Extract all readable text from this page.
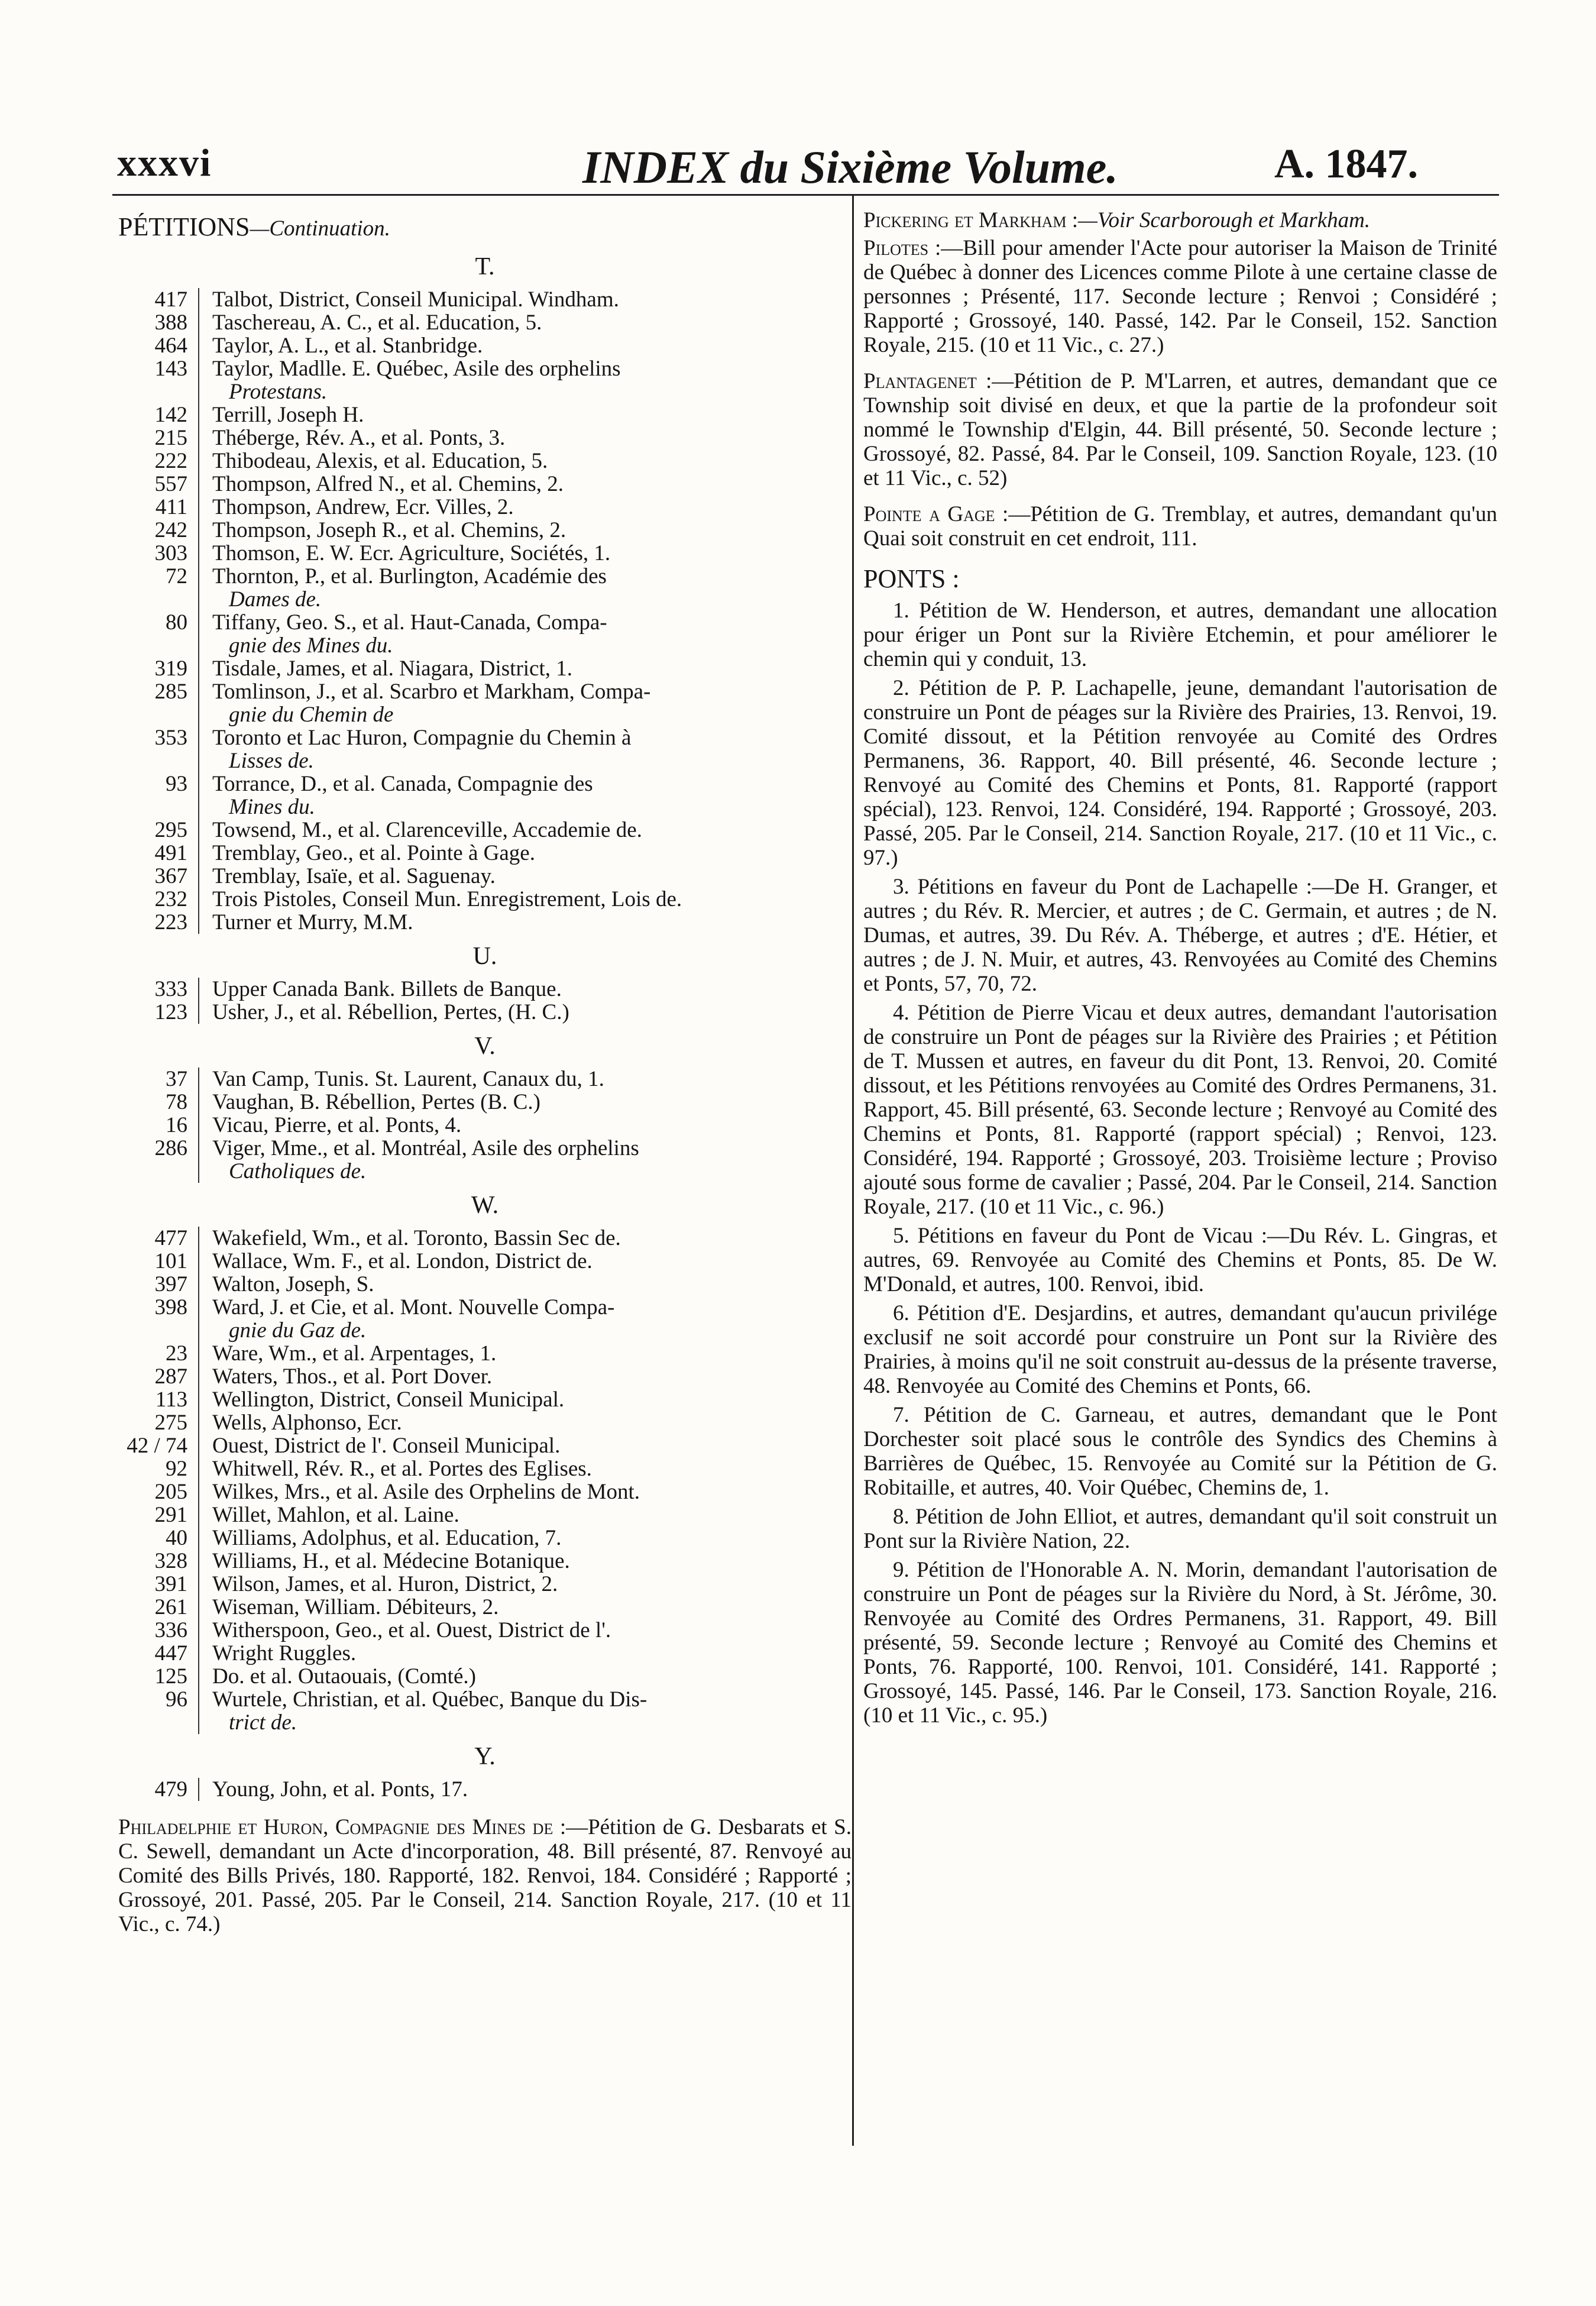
xxxvi	INDEX du Sixième Volume.	A. 1847.
PÉTITIONS—Continuation.
T.
417	Talbot, District, Conseil Municipal. Windham.
388	Taschereau, A. C., et al. Education, 5.
464	Taylor, A. L., et al. Stanbridge.
143	Taylor, Madlle. E. Québec, Asile des orphelins
Protestans.
142	Terrill, Joseph H.
215	Théberge, Rév. A., et al. Ponts, 3.
222	Thibodeau, Alexis, et al. Education, 5.
557	Thompson, Alfred N., et al. Chemins, 2.
411	Thompson, Andrew, Ecr. Villes, 2.
242	Thompson, Joseph R., et al. Chemins, 2.
303	Thomson, E. W. Ecr. Agriculture, Sociétés, 1.
72	Thornton, P., et al. Burlington, Académie des
Dames de.
80	Tiffany, Geo. S., et al. Haut-Canada, Compa-
gnie des Mines du.
319	Tisdale, James, et al. Niagara, District, 1.
285	Tomlinson, J., et al. Scarbro et Markham, Compa-
gnie du Chemin de
353	Toronto et Lac Huron, Compagnie du Chemin à
Lisses de.
93	Torrance, D., et al. Canada, Compagnie des
Mines du.
295	Towsend, M., et al. Clarenceville, Accademie de.
491	Tremblay, Geo., et al. Pointe à Gage.
367	Tremblay, Isaïe, et al. Saguenay.
232	Trois Pistoles, Conseil Mun. Enregistrement, Lois de.
223	Turner et Murry, M.M.
U.
333	Upper Canada Bank. Billets de Banque.
123	Usher, J., et al. Rébellion, Pertes, (H. C.)
V.
37	Van Camp, Tunis. St. Laurent, Canaux du, 1.
78	Vaughan, B. Rébellion, Pertes (B. C.)
16	Vicau, Pierre, et al. Ponts, 4.
286	Viger, Mme., et al. Montréal, Asile des orphelins
Catholiques de.
W.
477	Wakefield, Wm., et al. Toronto, Bassin Sec de.
101	Wallace, Wm. F., et al. London, District de.
397	Walton, Joseph, S.
398	Ward, J. et Cie, et al. Mont. Nouvelle Compa-
gnie du Gaz de.
23	Ware, Wm., et al. Arpentages, 1.
287	Waters, Thos., et al. Port Dover.
113	Wellington, District, Conseil Municipal.
275	Wells, Alphonso, Ecr.
42 / 74	Ouest, District de l'. Conseil Municipal.
92	Whitwell, Rév. R., et al. Portes des Eglises.
205	Wilkes, Mrs., et al. Asile des Orphelins de Mont.
291	Willet, Mahlon, et al. Laine.
40	Williams, Adolphus, et al. Education, 7.
328	Williams, H., et al. Médecine Botanique.
391	Wilson, James, et al. Huron, District, 2.
261	Wiseman, William. Débiteurs, 2.
336	Witherspoon, Geo., et al. Ouest, District de l'.
447	Wright Ruggles.
125	Do. et al. Outaouais, (Comté.)
96	Wurtele, Christian, et al. Québec, Banque du Dis-
trict de.
Y.
479	Young, John, et al. Ponts, 17.
Philadelphie et Huron, Compagnie des Mines de :—Pétition de G. Desbarats et S. C. Sewell, demandant un Acte d'incorporation, 48. Bill présenté, 87. Renvoyé au Comité des Bills Privés, 180. Rapporté, 182. Renvoi, 184. Considéré ; Rapporté ; Grossoyé, 201. Passé, 205. Par le Conseil, 214. Sanction Royale, 217. (10 et 11 Vic., c. 74.)
Pickering et Markham :—Voir Scarborough et Markham.
Pilotes :—Bill pour amender l'Acte pour autoriser la Maison de Trinité de Québec à donner des Licences comme Pilote à une certaine classe de personnes ; Présenté, 117. Seconde lecture ; Renvoi ; Considéré ; Rapporté ; Grossoyé, 140. Passé, 142. Par le Conseil, 152. Sanction Royale, 215. (10 et 11 Vic., c. 27.)
Plantagenet :—Pétition de P. M'Larren, et autres, demandant que ce Township soit divisé en deux, et que la partie de la profondeur soit nommé le Township d'Elgin, 44. Bill présenté, 50. Seconde lecture ; Grossoyé, 82. Passé, 84. Par le Conseil, 109. Sanction Royale, 123. (10 et 11 Vic., c. 52)
Pointe a Gage :—Pétition de G. Tremblay, et autres, demandant qu'un Quai soit construit en cet endroit, 111.
PONTS :
1. Pétition de W. Henderson, et autres, demandant une allocation pour ériger un Pont sur la Rivière Etchemin, et pour améliorer le chemin qui y conduit, 13.
2. Pétition de P. P. Lachapelle, jeune, demandant l'autorisation de construire un Pont de péages sur la Rivière des Prairies, 13. Renvoi, 19. Comité dissout, et la Pétition renvoyée au Comité des Ordres Permanens, 36. Rapport, 40. Bill présenté, 46. Seconde lecture ; Renvoyé au Comité des Chemins et Ponts, 81. Rapporté (rapport spécial), 123. Renvoi, 124. Considéré, 194. Rapporté ; Grossoyé, 203. Passé, 205. Par le Conseil, 214. Sanction Royale, 217. (10 et 11 Vic., c. 97.)
3. Pétitions en faveur du Pont de Lachapelle :—De H. Granger, et autres ; du Rév. R. Mercier, et autres ; de C. Germain, et autres ; de N. Dumas, et autres, 39. Du Rév. A. Théberge, et autres ; d'E. Hétier, et autres ; de J. N. Muir, et autres, 43. Renvoyées au Comité des Chemins et Ponts, 57, 70, 72.
4. Pétition de Pierre Vicau et deux autres, demandant l'autorisation de construire un Pont de péages sur la Rivière des Prairies ; et Pétition de T. Mussen et autres, en faveur du dit Pont, 13. Renvoi, 20. Comité dissout, et les Pétitions renvoyées au Comité des Ordres Permanens, 31. Rapport, 45. Bill présenté, 63. Seconde lecture ; Renvoyé au Comité des Chemins et Ponts, 81. Rapporté (rapport spécial) ; Renvoi, 123. Considéré, 194. Rapporté ; Grossoyé, 203. Troisième lecture ; Proviso ajouté sous forme de cavalier ; Passé, 204. Par le Conseil, 214. Sanction Royale, 217. (10 et 11 Vic., c. 96.)
5. Pétitions en faveur du Pont de Vicau :—Du Rév. L. Gingras, et autres, 69. Renvoyée au Comité des Chemins et Ponts, 85. De W. M'Donald, et autres, 100. Renvoi, ibid.
6. Pétition d'E. Desjardins, et autres, demandant qu'aucun privilége exclusif ne soit accordé pour construire un Pont sur la Rivière des Prairies, à moins qu'il ne soit construit au-dessus de la présente traverse, 48. Renvoyée au Comité des Chemins et Ponts, 66.
7. Pétition de C. Garneau, et autres, demandant que le Pont Dorchester soit placé sous le contrôle des Syndics des Chemins à Barrières de Québec, 15. Renvoyée au Comité sur la Pétition de G. Robitaille, et autres, 40. Voir Québec, Chemins de, 1.
8. Pétition de John Elliot, et autres, demandant qu'il soit construit un Pont sur la Rivière Nation, 22.
9. Pétition de l'Honorable A. N. Morin, demandant l'autorisation de construire un Pont de péages sur la Rivière du Nord, à St. Jérôme, 30. Renvoyée au Comité des Ordres Permanens, 31. Rapport, 49. Bill présenté, 59. Seconde lecture ; Renvoyé au Comité des Chemins et Ponts, 76. Rapporté, 100. Renvoi, 101. Considéré, 141. Rapporté ; Grossoyé, 145. Passé, 146. Par le Conseil, 173. Sanction Royale, 216. (10 et 11 Vic., c. 95.)
